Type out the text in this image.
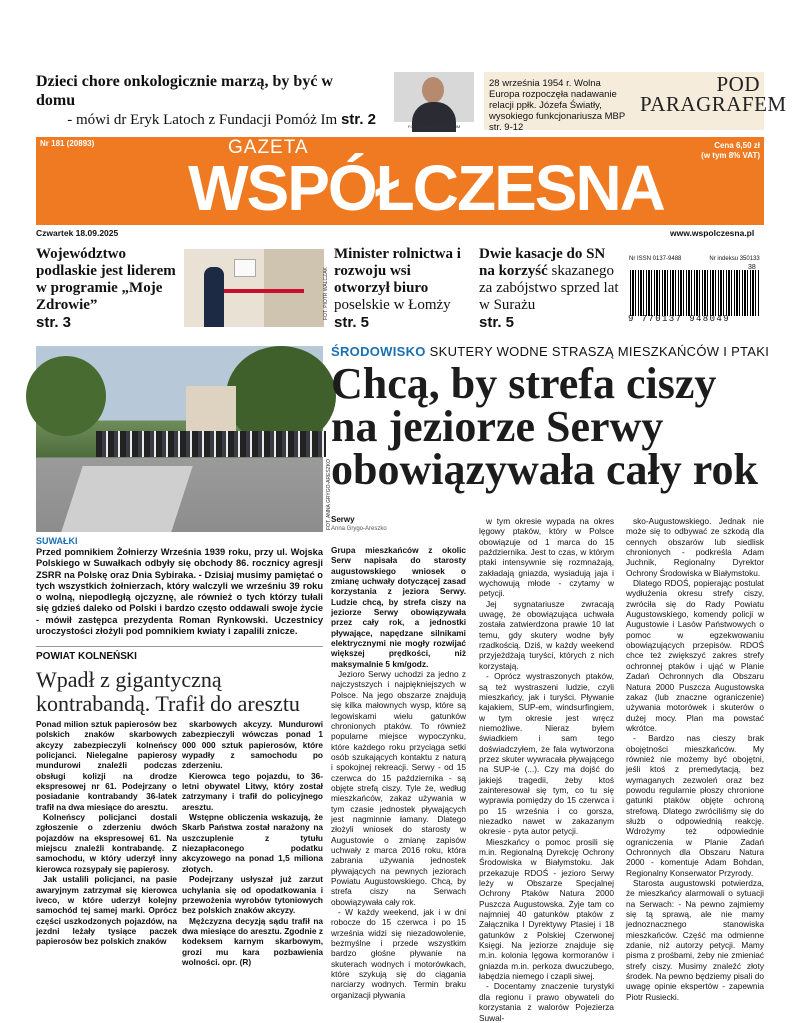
Dzieci chore onkologicznie marzą, by być w domu
- mówi dr Eryk Latoch z Fundacji Pomóż Im str. 2	FOT. FUNDACJA POMÓŻ IM
28 września 1954 r. Wolna Europa rozpoczęła nadawanie relacji ppłk. Józefa Światły, wysokiego funkcjonariusza MBP str. 9-12
POD
PARAGRAFEM
Nr 181 (20893)	GAZETA
WSPÓŁCZESNA
Cena 6,50 zł
(w tym 8% VAT)
Czwartek 18.09.2025	www.wspolczesna.pl
Województwo podlaskie jest liderem w programie „Moje Zdrowie”
str. 3
FOT. PIOTR WALCZAK
Minister rolnictwa i rozwoju wsi otworzył biuro poselskie w Łomży
str. 5
Dwie kasacje do SN na korzyść skazanego za zabójstwo sprzed lat w Surażu
str. 5
Nr ISSN 0137-9488	Nr indeksu 350133
38
9 770137 948049
FOT. ANNA GRYGO-ARESZKO
SUWAŁKI
Przed pomnikiem Żołnierzy Września 1939 roku, przy ul. Wojska Polskiego w Suwałkach odbyły się obchody 86. rocznicy agresji ZSRR na Polskę oraz Dnia Sybiraka. - Dzisiaj musimy pamiętać o tych wszystkich żołnierzach, który walczyli we wrześniu 39 roku o wolną, niepodległą ojczyznę, ale również o tych którzy tułali się gdzieś daleko od Polski i bardzo często oddawali swoje życie - mówił zastępca prezydenta Roman Rynkowski. Uczestnicy uroczystości złożyli pod pomnikiem kwiaty i zapalili znicze.
POWIAT KOLNEŃSKI
Wpadł z gigantyczną kontrabandą. Trafił do aresztu

Ponad milion sztuk papierosów bez polskich znaków skarbowych akcyzy zabezpieczyli kolneńscy policjanci. Nielegalne papierosy mundurowi znaleźli podczas obsługi kolizji na drodze ekspresowej nr 61. Podejrzany o posiadanie kontrabandy 36-latek trafił na dwa miesiące do aresztu.

Kolneńscy policjanci dostali zgłoszenie o zderzeniu dwóch pojazdów na ekspresowej 61. Na miejscu znaleźli kontrabandę. Z samochodu, w który uderzył inny kierowca rozsypały się papierosy.

Jak ustalili policjanci, na pasie awaryjnym zatrzymał się kierowca iveco, w które uderzył kolejny samochód tej samej marki. Oprócz części uszkodzonych pojazdów, na jezdni leżały tysiące paczek papierosów bez polskich znaków

skarbowych akcyzy. Mundurowi zabezpieczyli wówczas ponad 1 000 000 sztuk papierosów, które wypadły z samochodu po zderzeniu.

Kierowca tego pojazdu, to 36-letni obywatel Litwy, który został zatrzymany i trafił do policyjnego aresztu.

Wstępne obliczenia wskazują, że Skarb Państwa został narażony na uszczuplenie z tytułu niezapłaconego podatku akcyzowego na ponad 1,5 miliona złotych.

Podejrzany usłyszał już zarzut uchylania się od opodatkowania i przewożenia wyrobów tytoniowych bez polskich znaków akcyzy.

Mężczyzna decyzją sądu trafił na dwa miesiące do aresztu. Zgodnie z kodeksem karnym skarbowym, grozi mu kara pozbawienia wolności. opr. (R)

ŚRODOWISKO SKUTERY WODNE STRASZĄ MIESZKAŃCÓW I PTAKI
Chcą, by strefa ciszy na jeziorze Serwy obowiązywała cały rok
Serwy
Anna Grygo-Areszko

Grupa mieszkańców z okolic Serw napisała do starosty augustowskiego wniosek o zmianę uchwały dotyczącej zasad korzystania z jeziora Serwy. Ludzie chcą, by strefa ciszy na jeziorze Serwy obowiązywała przez cały rok, a jednostki pływające, napędzane silnikami elektrycznymi nie mogły rozwijać większej prędkości, niż maksymalnie 5 km/godz.

Jezioro Serwy uchodzi za jedno z najczystszych i najpiękniejszych w Polsce. Na jego obszarze znajdują się kilka małownych wysp, które są legowiskami wielu gatunków chronionych ptaków. To również popularne miejsce wypoczynku, które każdego roku przyciąga setki osób szukających kontaktu z naturą i spokojnej rekreacji. Serwy - od 15 czerwca do 15 października - są objęte strefą ciszy. Tyle że, według mieszkańców, zakaz używania w tym czasie jednostek pływających jest nagminnie łamany. Dlatego złożyli wniosek do starosty w Augustowie o zmianę zapisów uchwały z marca 2016 roku, która zabrania używania jednostek pływających na pewnych jeziorach Powiatu Augustowskiego. Chcą, by strefa ciszy na Serwach obowiązywała cały rok.

- W każdy weekend, jak i w dni robocze do 15 czerwca i po 15 września widzi się niezadowolenie, bezmyślne i przede wszystkim bardzo głośne pływanie na skuterach wodnych i motorówkach, które szykują się do ciągania narciarzy wodnych. Termin braku organizacji pływania

w tym okresie wypada na okres lęgowy ptaków, który w Polsce obowiązuje od 1 marca do 15 października. Jest to czas, w którym ptaki intensywnie się rozmnażają, zakładają gniazda, wysiadują jaja i wychowują młode - czytamy w petycji.

Jej sygnatariusze zwracają uwagę, że obowiązująca uchwała została zatwierdzona prawie 10 lat temu, gdy skutery wodne były rzadkością. Dziś, w każdy weekend przyjeżdżają turyści, których z nich korzystają.

- Oprócz wystraszonych ptaków, są też wystraszeni ludzie, czyli mieszkańcy, jak i turyści. Pływanie kajakiem, SUP-em, windsurfingiem, w tym okresie jest wręcz niemożliwe. Nieraz byłem świadkiem i sam tego doświadczyłem, że fala wytworzona przez skuter wywracała pływającego na SUP-ie (...). Czy ma dojść do jakiejś tragedii, żeby ktoś zainteresował się tym, co tu się wyprawia pomiędzy do 15 czerwca i po 15 września i co gorsza, niezadko nawet w zakazanym okresie - pyta autor petycji.

Mieszkańcy o pomoc prosili się m.in. Regionalną Dyrekcję Ochrony Środowiska w Białymstoku. Jak przekazuje RDOŚ - jezioro Serwy leży w Obszarze Specjalnej Ochrony Ptaków Natura 2000 Puszcza Augustowska. Żyje tam co najmniej 40 gatunków ptaków z Załącznika I Dyrektywy Ptasiej i 18 gatunków z Polskiej Czerwonej Księgi. Na jeziorze znajduje się m.in. kolonia lęgowa kormoranów i gniazda m.in. perkoza dwuczubego, łabędzia niemego i czapli siwej.

- Docentamy znaczenie turystyki dla regionu i prawo obywateli do korzystania z walorów Pojezierza Suwal-

sko-Augustowskiego. Jednak nie może się to odbywać ze szkodą dla cennych obszarów lub siedlisk chronionych - podkreśla Adam Juchnik, Regionalny Dyrektor Ochrony Środowiska w Białymstoku.

Dlatego RDOŚ, popierając postulat wydłużenia okresu strefy ciszy, zwróciła się do Rady Powiatu Augustowskiego, komendy policji w Augustowie i Lasów Państwowych o pomoc w egzekwowaniu obowiązujących przepisów. RDOŚ chce też zwiększyć zakres strefy ochronnej ptaków i ująć w Planie Zadań Ochronnych dla Obszaru Natura 2000 Puszcza Augustowska zakaz (lub znaczne ograniczenie) używania motorówek i skuterów o dużej mocy. Plan ma powstać wkrótce.

- Bardzo nas cieszy brak obojętności mieszkańców. My również nie możemy być obojętni, jeśli ktoś z premedytacją, bez wymaganych zezwoleń oraz bez powodu regularnie płoszy chronione gatunki ptaków objęte ochroną strefową. Dlatego zwróciliśmy się do służb o odpowiednią reakcję. Wdrożymy też odpowiednie ograniczenia w Planie Zadań Ochronnych dla Obszaru Natura 2000 - komentuje Adam Bohdan, Regionalny Konserwator Przyrody.

Starosta augustowski potwierdza, że mieszkańcy alarmowali o sytuacji na Serwach: - Na pewno zajmiemy się tą sprawą, ale nie mamy jednoznacznego stanowiska mieszkańców. Część ma odmienne zdanie, niż autorzy petycji. Mamy pisma z prośbami, żeby nie zmieniać strefy ciszy. Musimy znaleźć złoty środek. Na pewno będziemy pisali do uwagę opinie ekspertów - zapewnia Piotr Rusiecki.
